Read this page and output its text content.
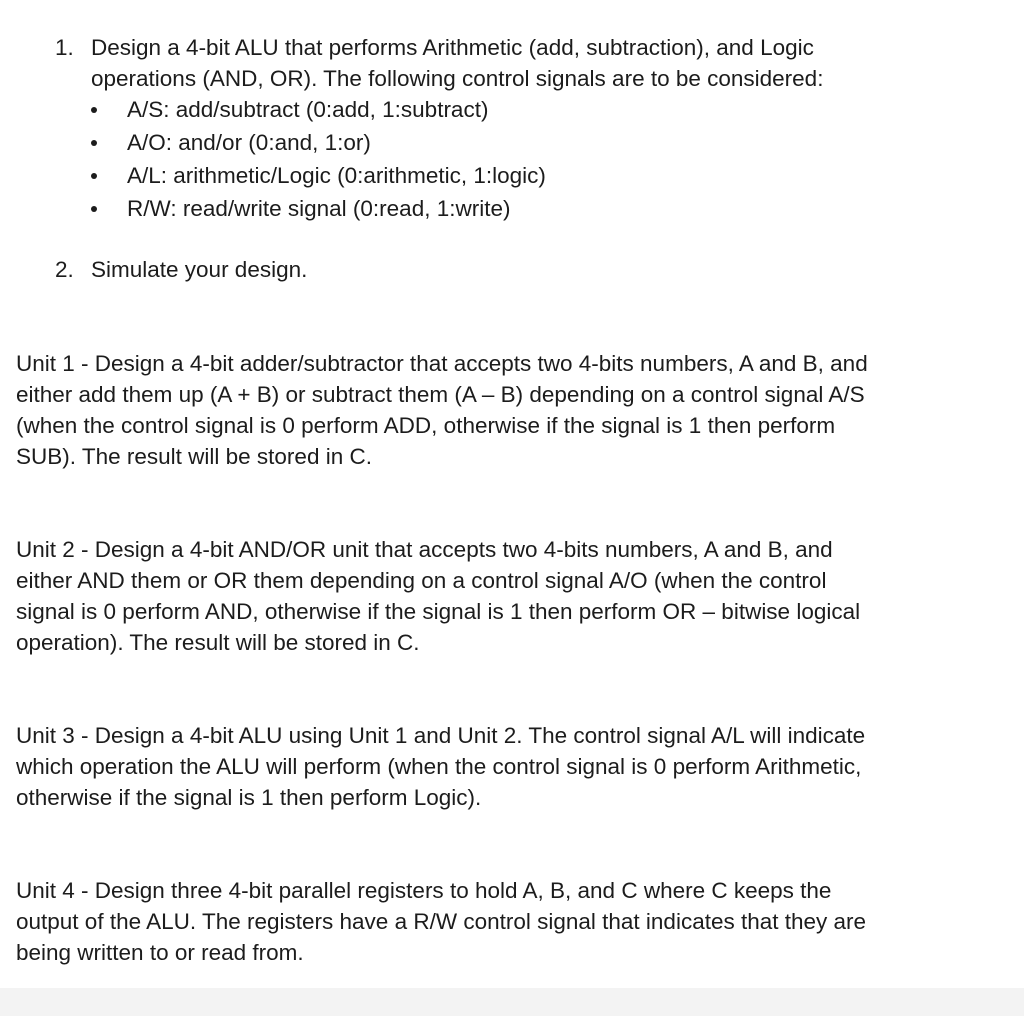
1. Design a 4-bit ALU that performs Arithmetic (add, subtraction), and Logic
operations (AND, OR). The following control signals are to be considered:
A/S: add/subtract (0:add, 1:subtract)
A/O: and/or (0:and, 1:or)
A/L: arithmetic/Logic (0:arithmetic, 1:logic)
R/W: read/write signal (0:read, 1:write)
2. Simulate your design.
Unit 1 - Design a 4-bit adder/subtractor that accepts two 4-bits numbers, A and B, and
either add them up (A + B) or subtract them (A – B) depending on a control signal A/S
(when the control signal is 0 perform ADD, otherwise if the signal is 1 then perform
SUB). The result will be stored in C.
Unit 2 - Design a 4-bit AND/OR unit that accepts two 4-bits numbers, A and B, and
either AND them or OR them depending on a control signal A/O (when the control
signal is 0 perform AND, otherwise if the signal is 1 then perform OR – bitwise logical
operation). The result will be stored in C.
Unit 3 - Design a 4-bit ALU using Unit 1 and Unit 2. The control signal A/L will indicate
which operation the ALU will perform (when the control signal is 0 perform Arithmetic,
otherwise if the signal is 1 then perform Logic).
Unit 4 - Design three 4-bit parallel registers to hold A, B, and C where C keeps the
output of the ALU. The registers have a R/W control signal that indicates that they are
being written to or read from.
